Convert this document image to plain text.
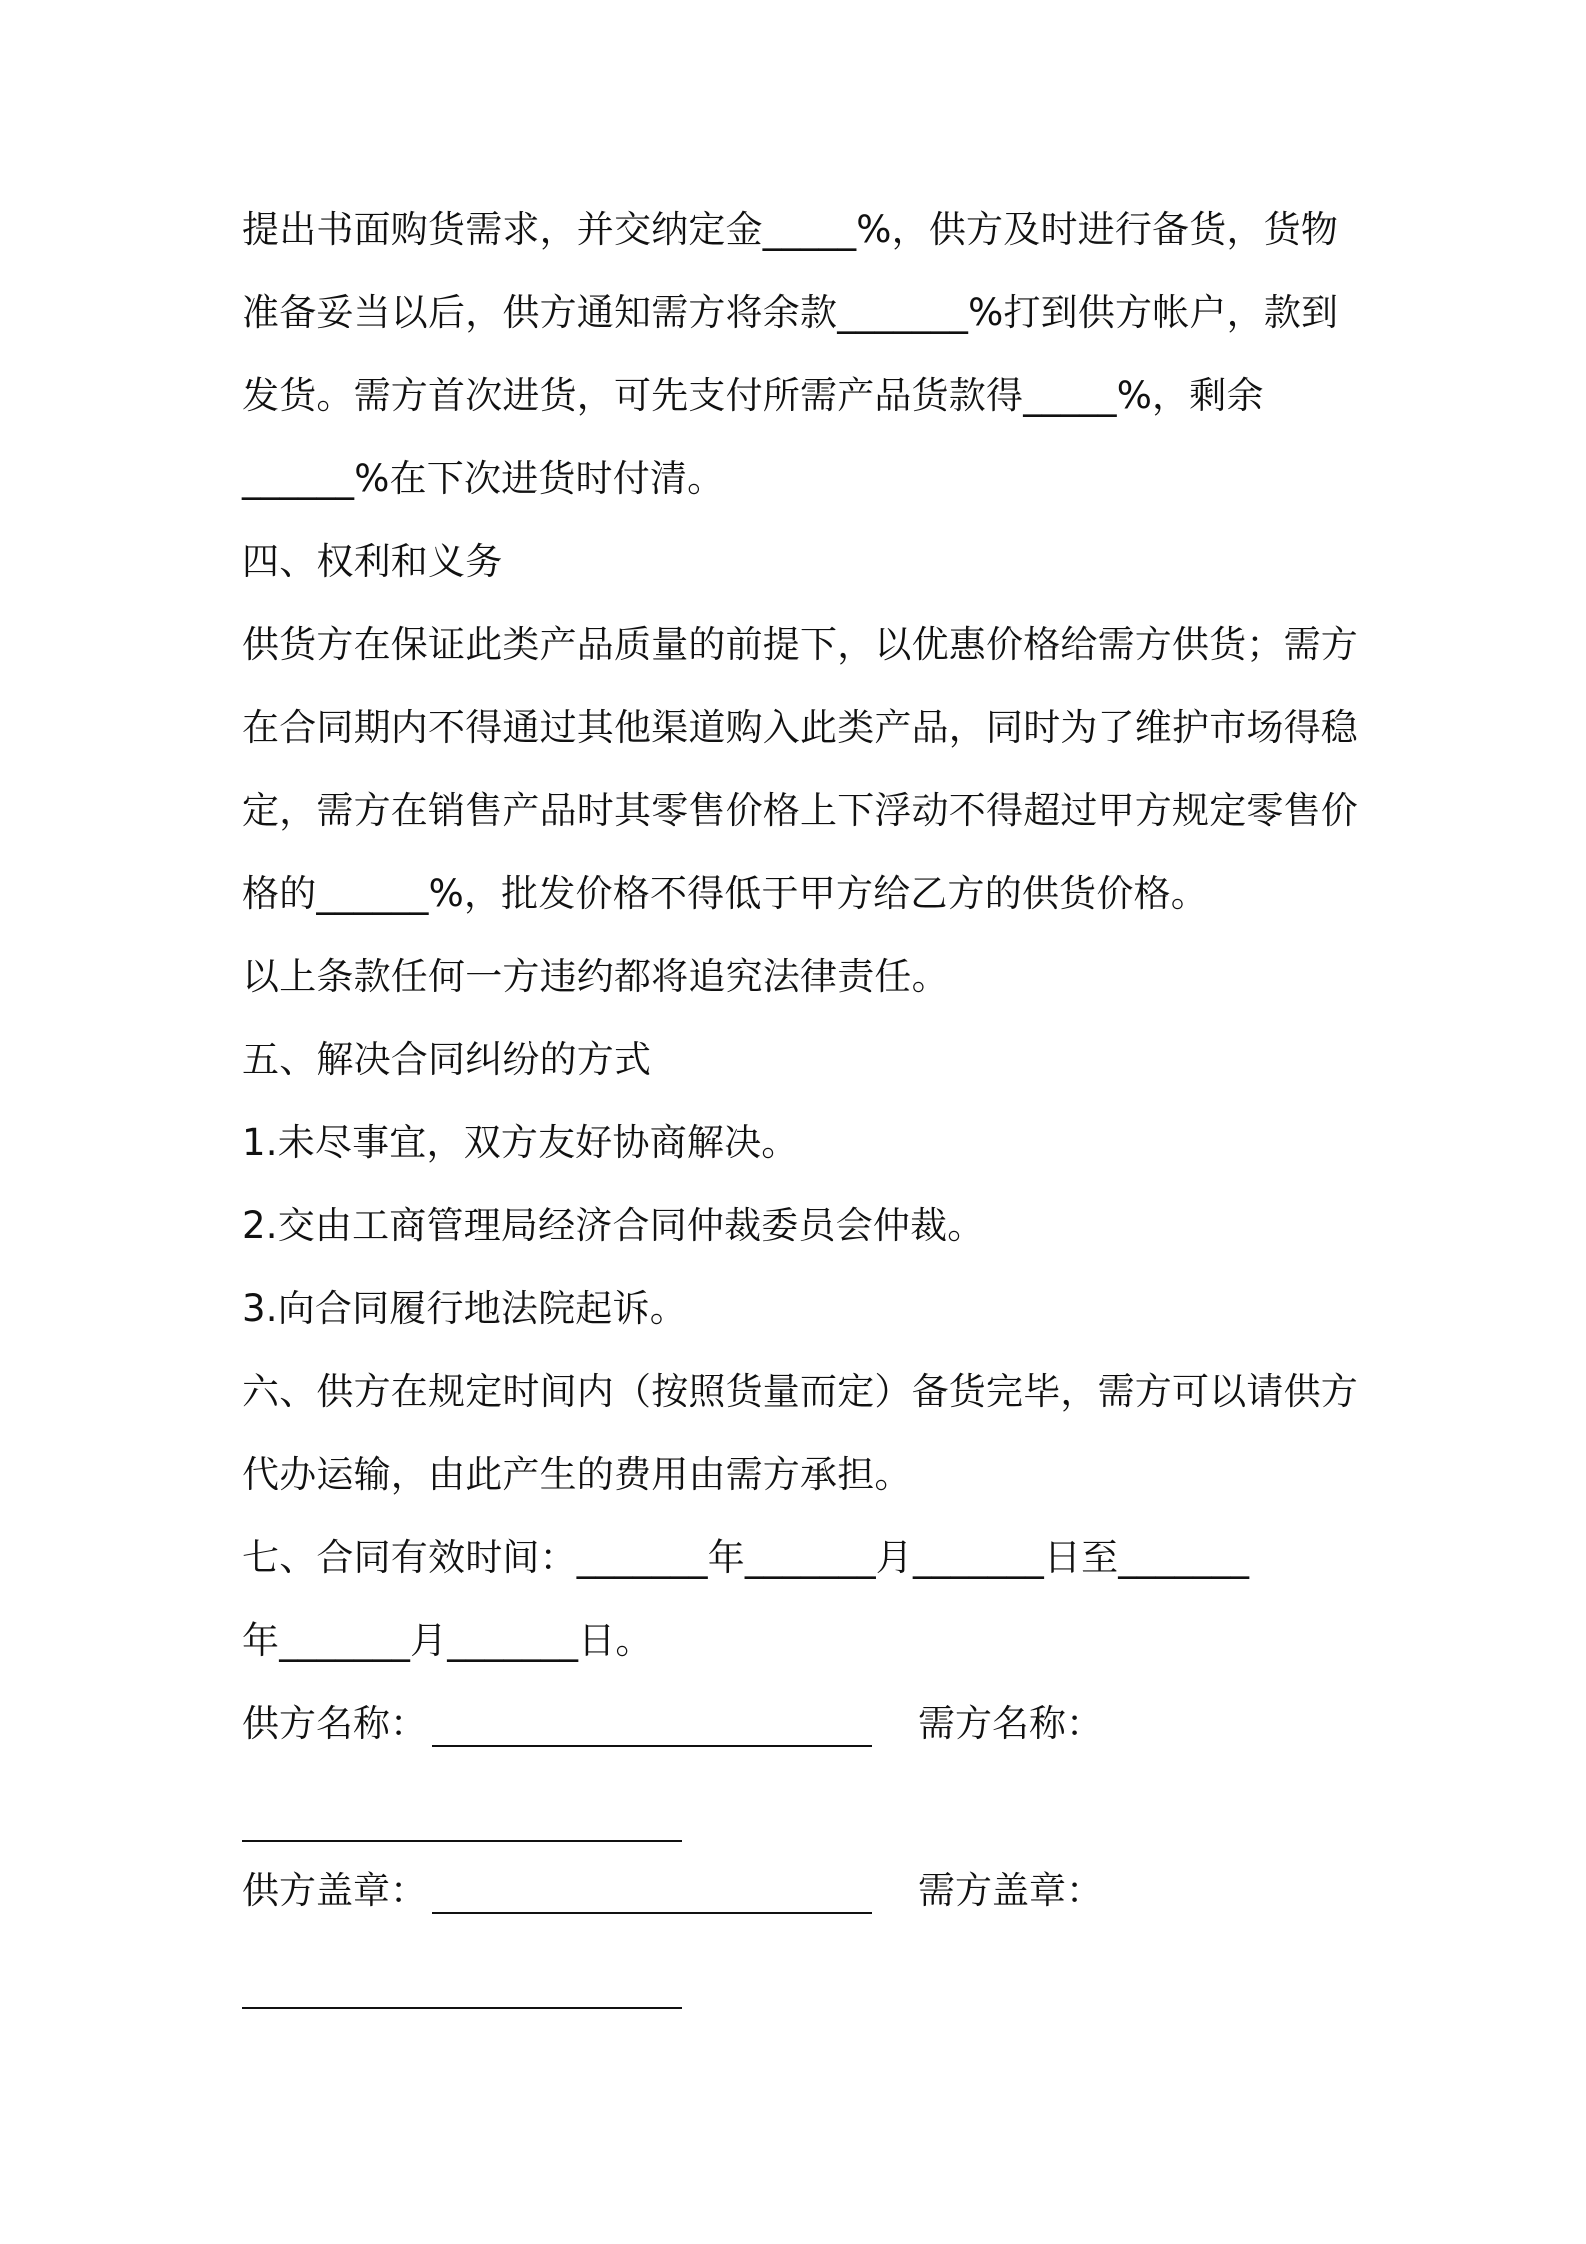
提出书面购货需求，并交纳定金_____%，供方及时进行备货，货物
准备妥当以后，供方通知需方将余款_______%打到供方帐户，款到
发货。需方首次进货，可先支付所需产品货款得_____%，剩余
______%在下次进货时付清。
四、权利和义务
供货方在保证此类产品质量的前提下，以优惠价格给需方供货；需方
在合同期内不得通过其他渠道购入此类产品，同时为了维护市场得稳
定，需方在销售产品时其零售价格上下浮动不得超过甲方规定零售价
格的______%，批发价格不得低于甲方给乙方的供货价格。
以上条款任何一方违约都将追究法律责任。
五、解决合同纠纷的方式
1.未尽事宜，双方友好协商解决。
2.交由工商管理局经济合同仲裁委员会仲裁。
3.向合同履行地法院起诉。
六、供方在规定时间内（按照货量而定）备货完毕，需方可以请供方
代办运输，由此产生的费用由需方承担。
七、合同有效时间：_______年_______月_______日至_______
年_______月_______日。
供方名称：	需方名称：
供方盖章：	需方盖章：
